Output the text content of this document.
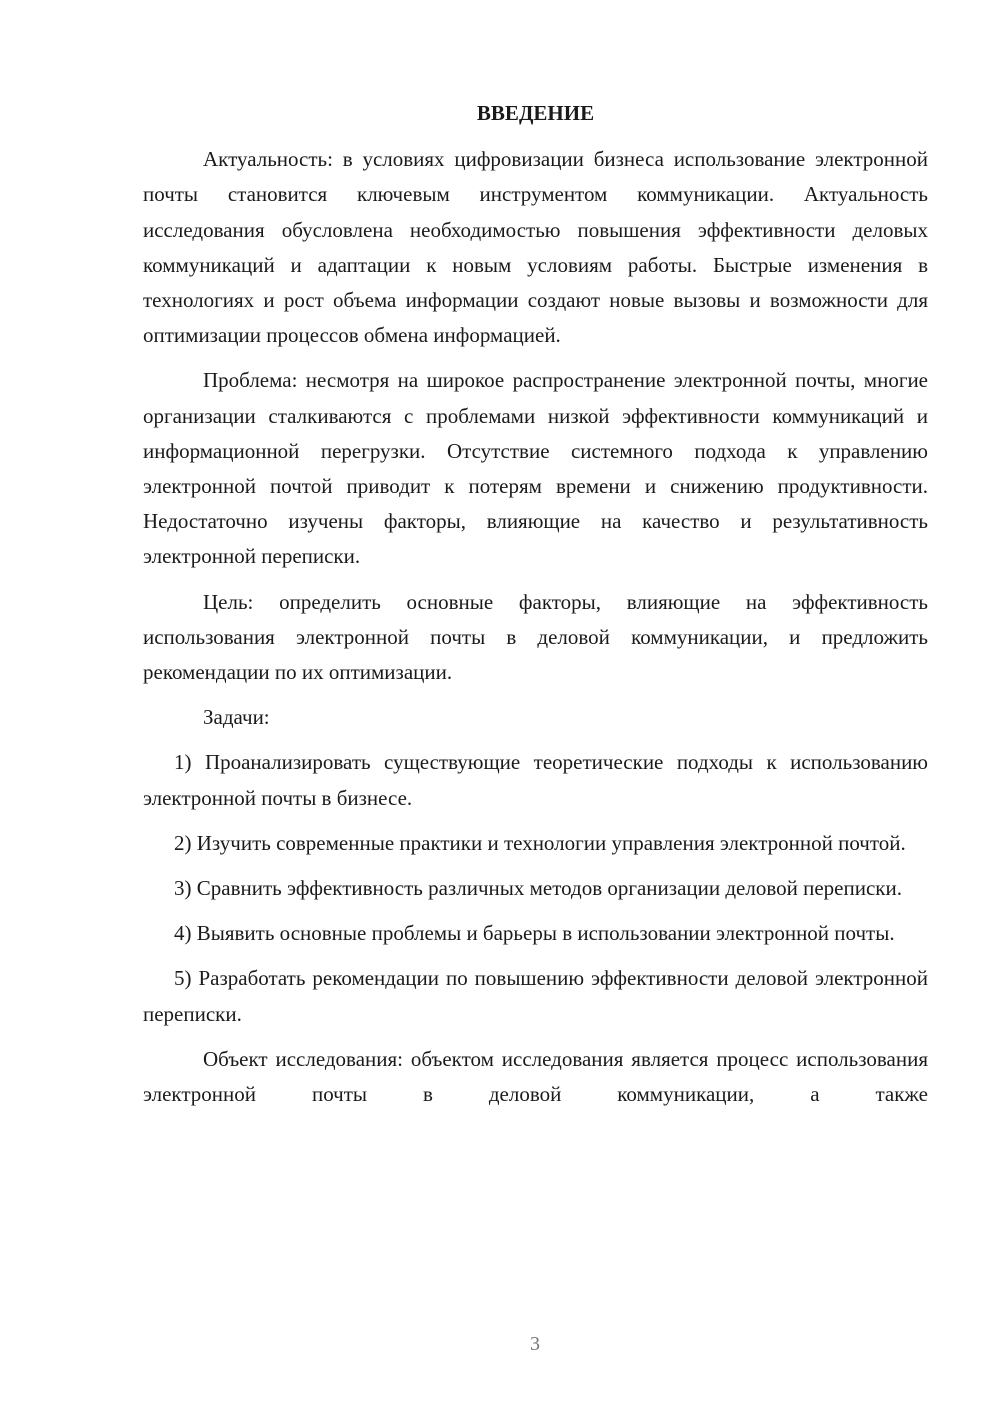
ВВЕДЕНИЕ

Актуальность: в условиях цифровизации бизнеса использование электронной почты становится ключевым инструментом коммуникации. Актуальность исследования обусловлена необходимостью повышения эффективности деловых коммуникаций и адаптации к новым условиям работы. Быстрые изменения в технологиях и рост объема информации создают новые вызовы и возможности для оптимизации процессов обмена информацией.

Проблема: несмотря на широкое распространение электронной почты, многие организации сталкиваются с проблемами низкой эффективности коммуникаций и информационной перегрузки. Отсутствие системного подхода к управлению электронной почтой приводит к потерям времени и снижению продуктивности. Недостаточно изучены факторы, влияющие на качество и результативность электронной переписки.

Цель: определить основные факторы, влияющие на эффективность использования электронной почты в деловой коммуникации, и предложить рекомендации по их оптимизации.

Задачи:

1) Проанализировать существующие теоретические подходы к использованию электронной почты в бизнесе.

2) Изучить современные практики и технологии управления электронной почтой.

3) Сравнить эффективность различных методов организации деловой переписки.

4) Выявить основные проблемы и барьеры в использовании электронной почты.

5) Разработать рекомендации по повышению эффективности деловой электронной переписки.

Объект исследования: объектом исследования является процесс использования электронной почты в деловой коммуникации, а также

3
